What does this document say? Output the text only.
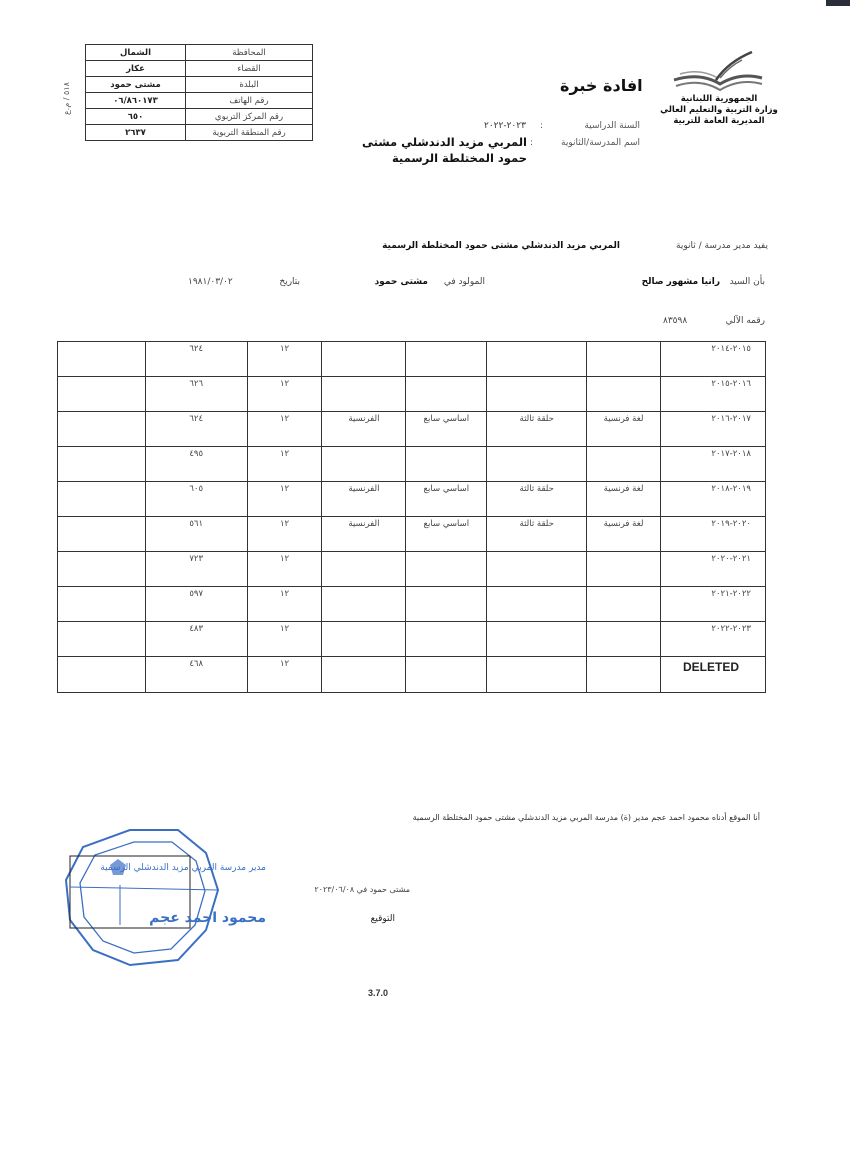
المحافظة	الشمال
القضاء	عكار
البلدة	مشتى حمود
رقم الهاتف	٠٦/٨٦٠١٧٣
رقم المركز التربوي	٦٥٠
رقم المنطقة التربوية	٢٦٣٧
٥١٨ / م.ع
الجمهورية اللبنانية
وزارة التربية والتعليم العالي
المديرية العامة للتربية
افادة خبرة
السنة الدراسية
:
٢٠٢٣-٢٠٢٢
اسم المدرسة/الثانوية
:
المربي مزيد الدندشلي مشتى حمود المختلطة الرسمية
يفيد مدير مدرسة / ثانوية
المربي مزيد الدندشلي مشتى حمود المختلطة الرسمية
بأن السيد
رانيا مشهور صالح
المولود في
مشتى حمود
بتاريخ
١٩٨١/٠٣/٠٢
رقمه الآلي
٨٣٥٩٨
	٦٢٤	١٢					٢٠١٥-٢٠١٤
	٦٢٦	١٢					٢٠١٦-٢٠١٥
	٦٢٤	١٢	الفرنسية	اساسي سابع	حلقة ثالثة	لغة فرنسية	٢٠١٧-٢٠١٦
	٤٩٥	١٢					٢٠١٨-٢٠١٧
	٦٠٥	١٢	الفرنسية	اساسي سابع	حلقة ثالثة	لغة فرنسية	٢٠١٩-٢٠١٨
	٥٦١	١٢	الفرنسية	اساسي سابع	حلقة ثالثة	لغة فرنسية	٢٠٢٠-٢٠١٩
	٧٢٣	١٢					٢٠٢١-٢٠٢٠
	٥٩٧	١٢					٢٠٢٢-٢٠٢١
	٤٨٣	١٢					٢٠٢٣-٢٠٢٢
	٤٦٨	١٢					DELETED
أنا الموقع أدناه محمود احمد عجم مدير (ة) مدرسة المربي مزيد الدندشلي مشتى حمود المختلطة الرسمية
مشتى حمود في ٢٠٢٣/٠٦/٠٨
التوقيع
3.7.0
مدير مدرسة المربي مزيد الدندشلي الرسمية
محمود احمد عجم
